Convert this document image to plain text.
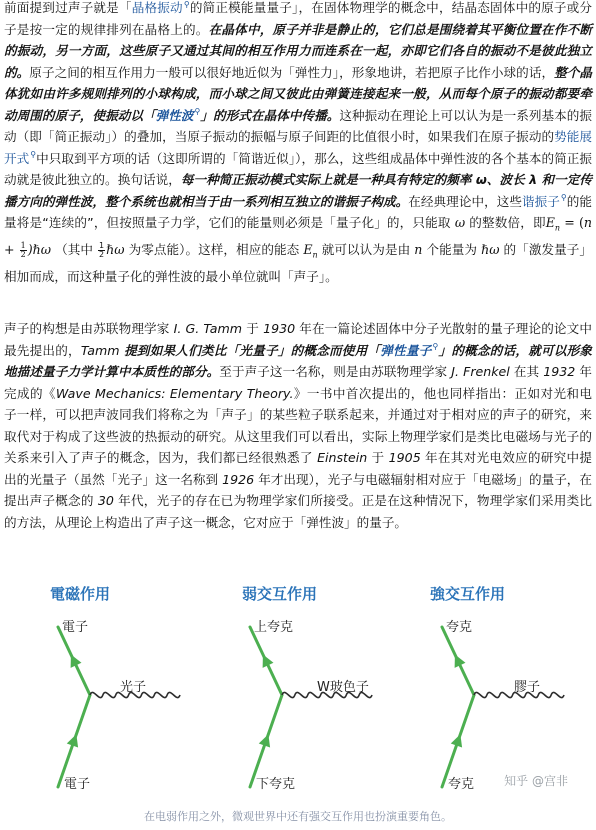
前面提到过声子就是「晶格振动⚲的简正模能量量子」，在固体物理学的概念中，结晶态固体中的原子或分子是按一定的规律排列在晶格上的。在晶体中，原子并非是静止的，它们总是围绕着其平衡位置在作不断的振动，另一方面，这些原子又通过其间的相互作用力而连系在一起，亦即它们各自的振动不是彼此独立的。原子之间的相互作用力一般可以很好地近似为「弹性力」，形象地讲，若把原子比作小球的话，整个晶体犹如由许多规则排列的小球构成，而小球之间又彼此由弹簧连接起来一般，从而每个原子的振动都要牵动周围的原子，使振动以「弹性波⚲」的形式在晶体中传播。这种振动在理论上可以认为是一系列基本的振动（即「简正振动」）的叠加，当原子振动的振幅与原子间距的比值很小时，如果我们在原子振动的势能展开式⚲中只取到平方项的话（这即所谓的「简谐近似」），那么，这些组成晶体中弹性波的各个基本的简正振动就是彼此独立的。换句话说，每一种简正振动模式实际上就是一种具有特定的频率 ω、波长 λ 和一定传播方向的弹性波，整个系统也就相当于由一系列相互独立的谐振子构成。在经典理论中，这些谐振子⚲的能量将是“连续的”，但按照量子力学，它们的能量则必须是「量子化」的，只能取 ω 的整数倍，即$E_n = (n + \frac{1}{2}$ )ℏω （其中 $\frac{1}{2}$ ℏω 为零点能）。这样，相应的能态 $E_n$ 就可以认为是由 n 个能量为 ℏω 的「激发量子」相加而成，而这种量子化的弹性波的最小单位就叫「声子」。

声子的构想是由苏联物理学家 I. G. Tamm 于 1930 年在一篇论述固体中分子光散射的量子理论的论文中最先提出的，Tamm 提到如果人们类比「光量子」的概念而使用「弹性量子⚲」的概念的话，就可以形象地描述量子力学计算中本质性的部分。至于声子这一名称，则是由苏联物理学家 J. Frenkel 在其 1932 年完成的《Wave Mechanics: Elementary Theory.》一书中首次提出的，他也同样指出：正如对光和电子一样，可以把声波同我们将称之为「声子」的某些粒子联系起来，并通过对于相对应的声子的研究，来取代对于构成了这些波的热振动的研究。从这里我们可以看出，实际上物理学家们是类比电磁场与光子的关系来引入了声子的概念，因为，我们都已经很熟悉了 Einstein 于 1905 年在其对光电效应的研究中提出的光量子（虽然「光子」这一名称到 1926 年才出现），光子与电磁辐射相对应于「电磁场」的量子，在提出声子概念的 30 年代，光子的存在已为物理学家们所接受。正是在这种情况下，物理学家们采用类比的方法，从理论上构造出了声子这一概念，它对应于「弹性波」的量子。

電磁作用
電子
電子
光子
弱交互作用
上夸克
下夸克
W玻色子
強交互作用
夸克
夸克
膠子
知乎 @宫非
在电弱作用之外，微观世界中还有强交互作用也扮演重要角色。
